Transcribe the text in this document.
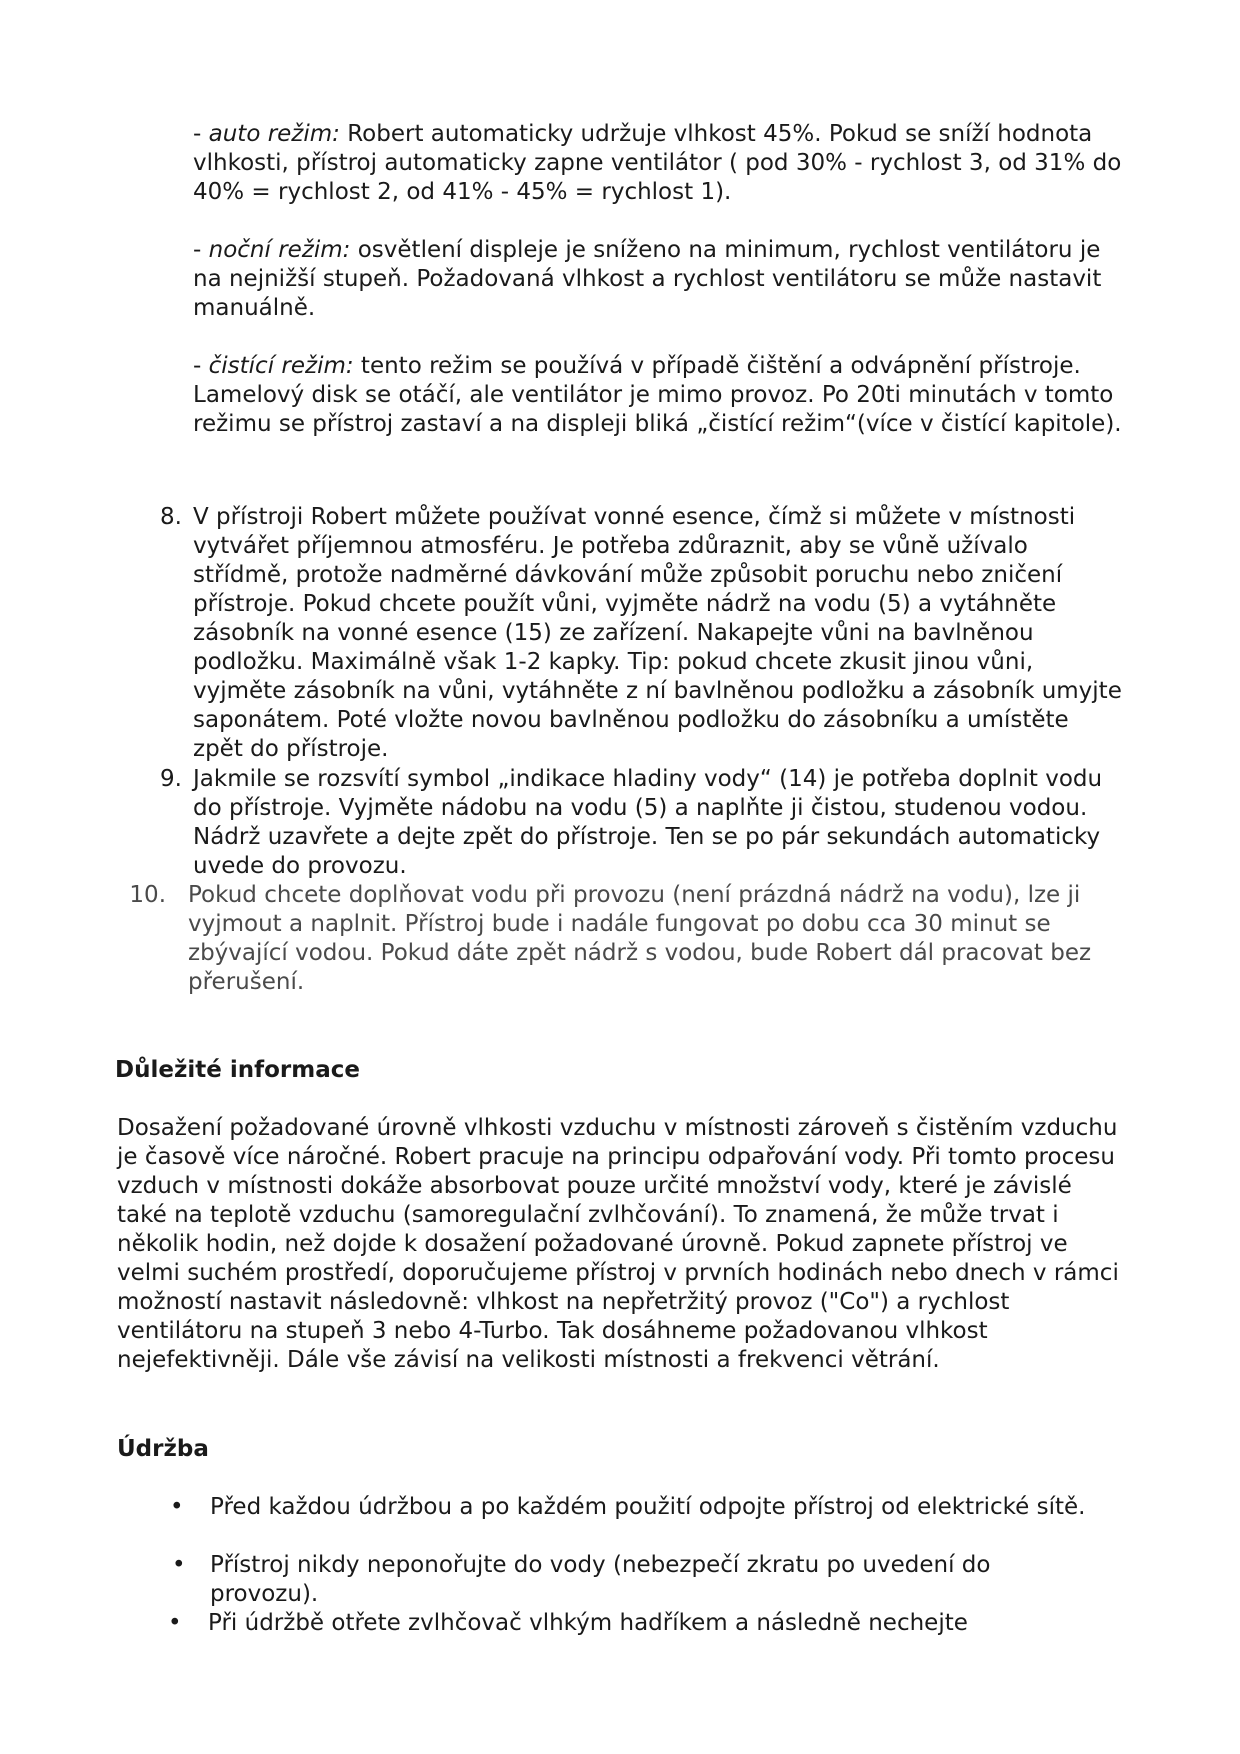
- auto režim: Robert automaticky udržuje vlhkost 45%. Pokud se sníží hodnota vlhkosti, přístroj automaticky zapne ventilátor ( pod 30% - rychlost 3, od 31% do 40% = rychlost 2, od 41% - 45% = rychlost 1).

- noční režim: osvětlení displeje je sníženo na minimum, rychlost ventilátoru je na nejnižší stupeň. Požadovaná vlhkost a rychlost ventilátoru se může nastavit manuálně.

- čistící režim: tento režim se používá v případě čištění a odvápnění přístroje. Lamelový disk se otáčí, ale ventilátor je mimo provoz. Po 20ti minutách v tomto režimu se přístroj zastaví a na displeji bliká „čistící režim“(více v čistící kapitole).

8. V přístroji Robert můžete používat vonné esence, čímž si můžete v místnosti vytvářet příjemnou atmosféru. Je potřeba zdůraznit, aby se vůně užívalo střídmě, protože nadměrné dávkování může způsobit poruchu nebo zničení přístroje. Pokud chcete použít vůni, vyjměte nádrž na vodu (5) a vytáhněte zásobník na vonné esence (15) ze zařízení. Nakapejte vůni na bavlněnou podložku. Maximálně však 1-2 kapky. Tip: pokud chcete zkusit jinou vůni, vyjměte zásobník na vůni, vytáhněte z ní bavlněnou podložku a zásobník umyjte saponátem. Poté vložte novou bavlněnou podložku do zásobníku a umístěte zpět do přístroje.

9. Jakmile se rozsvítí symbol „indikace hladiny vody“ (14) je potřeba doplnit vodu do přístroje. Vyjměte nádobu na vodu (5) a naplňte ji čistou, studenou vodou. Nádrž uzavřete a dejte zpět do přístroje. Ten se po pár sekundách automaticky uvede do provozu.

10. Pokud chcete doplňovat vodu při provozu (není prázdná nádrž na vodu), lze ji vyjmout a naplnit. Přístroj bude i nadále fungovat po dobu cca 30 minut se zbývající vodou. Pokud dáte zpět nádrž s vodou, bude Robert dál pracovat bez přerušení.

Důležité informace

Dosažení požadované úrovně vlhkosti vzduchu v místnosti zároveň s čistěním vzduchu je časově více náročné. Robert pracuje na principu odpařování vody. Při tomto procesu vzduch v místnosti dokáže absorbovat pouze určité množství vody, které je závislé také na teplotě vzduchu (samoregulační zvlhčování). To znamená, že může trvat i několik hodin, než dojde k dosažení požadované úrovně. Pokud zapnete přístroj ve velmi suchém prostředí, doporučujeme přístroj v prvních hodinách nebo dnech v rámci možností nastavit následovně: vlhkost na nepřetržitý provoz ("Co") a rychlost ventilátoru na stupeň 3 nebo 4-Turbo. Tak dosáhneme požadovanou vlhkost nejefektivněji. Dále vše závisí na velikosti místnosti a frekvenci větrání.

Údržba
• Před každou údržbou a po každém použití odpojte přístroj od elektrické sítě.

• Přístroj nikdy neponořujte do vody (nebezpečí zkratu po uvedení do provozu).

• Při údržbě otřete zvlhčovač vlhkým hadříkem a následně nechejte
